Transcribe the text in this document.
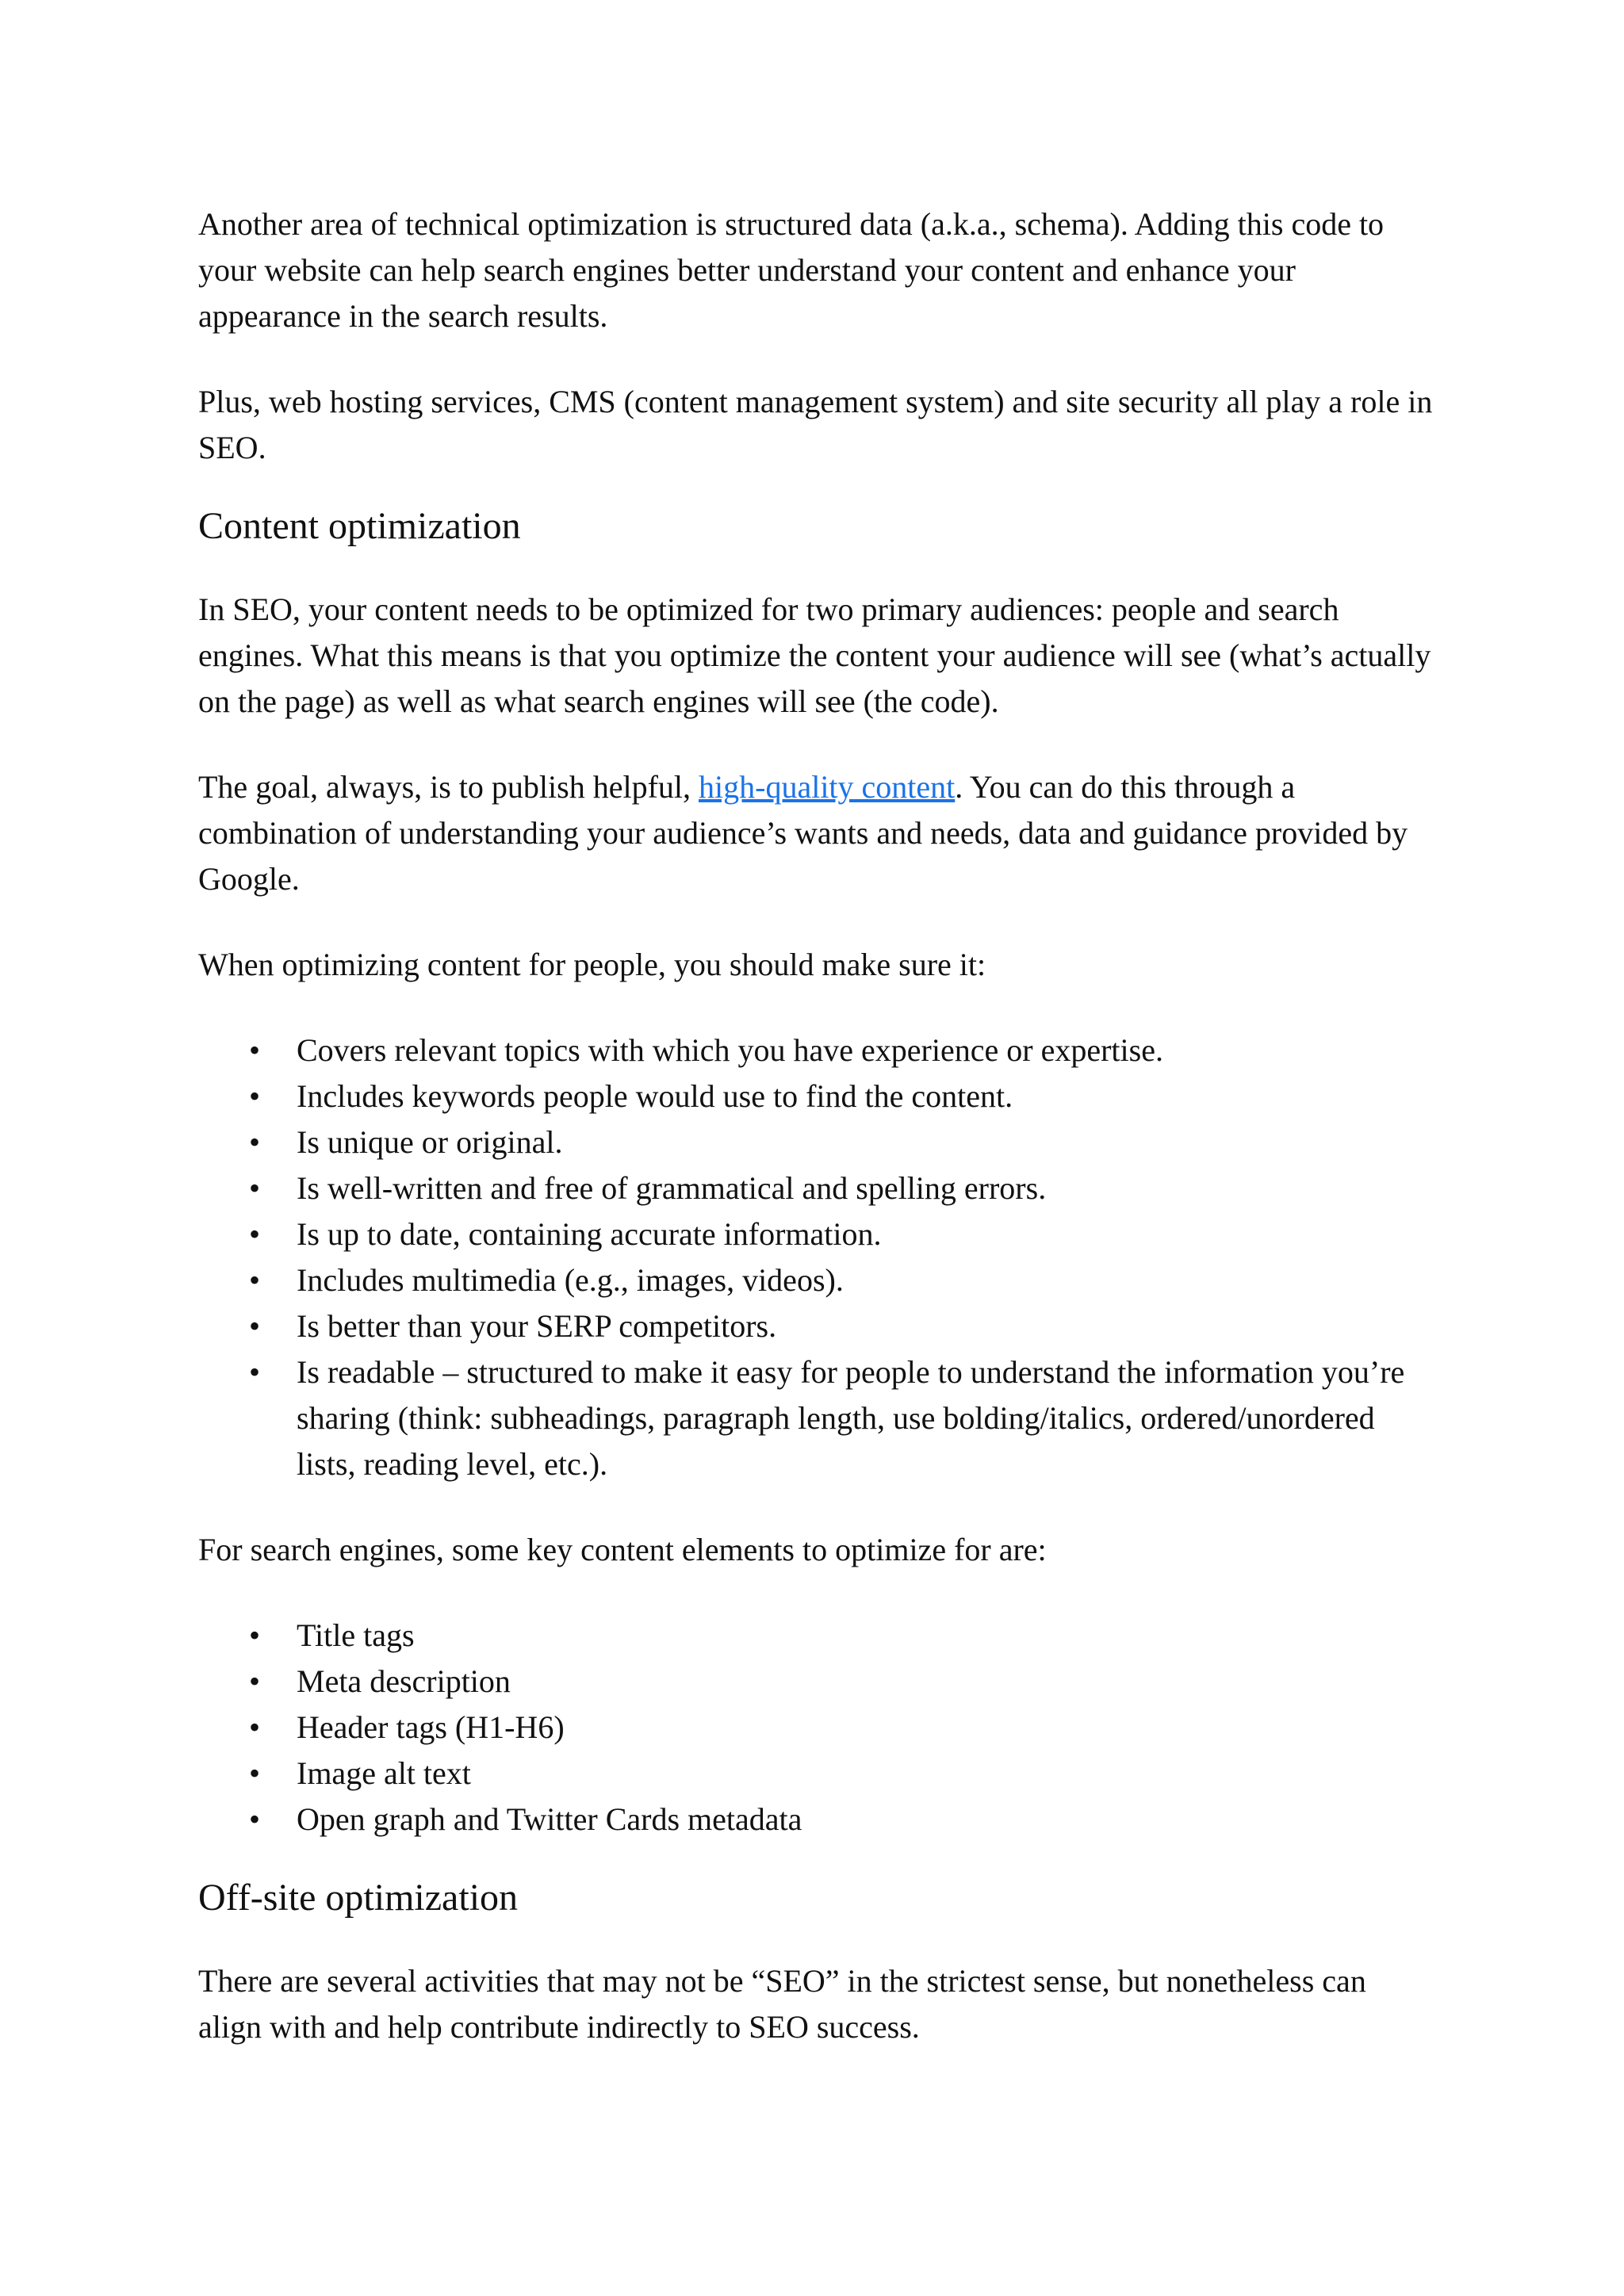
Another area of technical optimization is structured data (a.k.a., schema). Adding this code to your website can help search engines better understand your content and enhance your appearance in the search results.

Plus, web hosting services, CMS (content management system) and site security all play a role in SEO.

Content optimization

In SEO, your content needs to be optimized for two primary audiences: people and search engines. What this means is that you optimize the content your audience will see (what’s actually on the page) as well as what search engines will see (the code).

The goal, always, is to publish helpful, high-quality content. You can do this through a combination of understanding your audience’s wants and needs, data and guidance provided by Google.

When optimizing content for people, you should make sure it:

• Covers relevant topics with which you have experience or expertise.
• Includes keywords people would use to find the content.
• Is unique or original.
• Is well-written and free of grammatical and spelling errors.
• Is up to date, containing accurate information.
• Includes multimedia (e.g., images, videos).
• Is better than your SERP competitors.
• Is readable – structured to make it easy for people to understand the information you’re sharing (think: subheadings, paragraph length, use bolding/italics, ordered/unordered lists, reading level, etc.).

For search engines, some key content elements to optimize for are:

• Title tags
• Meta description
• Header tags (H1-H6)
• Image alt text
• Open graph and Twitter Cards metadata
Off-site optimization

There are several activities that may not be “SEO” in the strictest sense, but nonetheless can align with and help contribute indirectly to SEO success.
